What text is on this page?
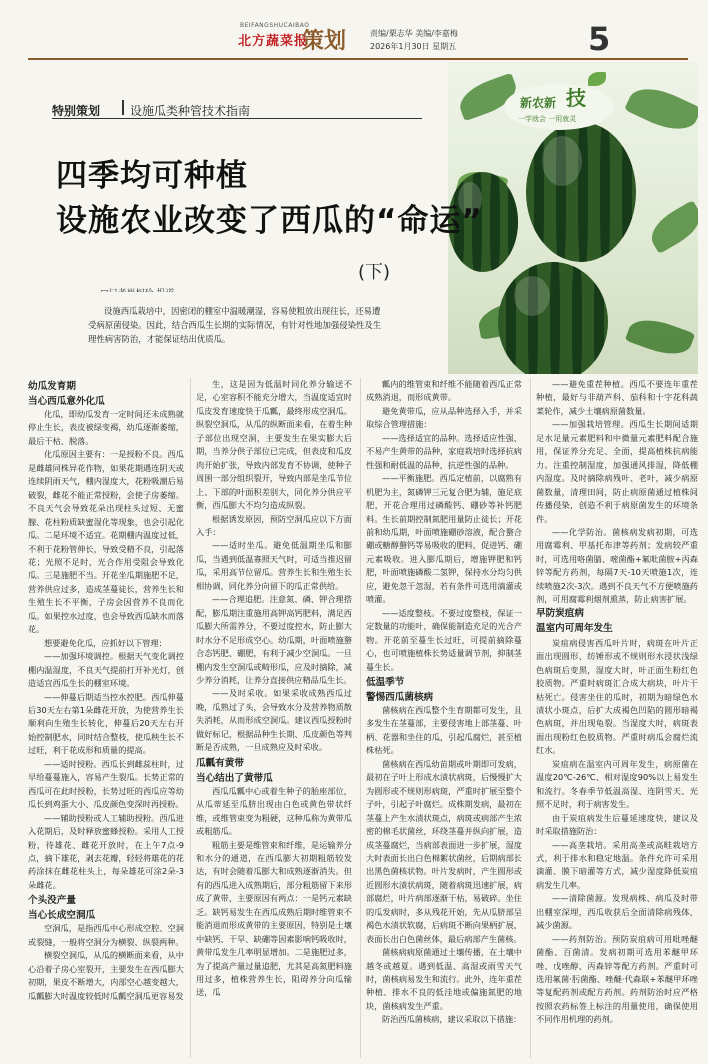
BEIFANGSHUCAIBAO
北方蔬菜报
策划	责编/栗志华 美编/李嘉梅
2026年1月30日 星期五	5
新农新 技
一学就会 一用就灵
特别策划 设施瓜类种管技术指南
四季均可种植
设施农业改变了西瓜的“命运”
(下)

设施西瓜栽培中，因密闭的棚室中温暖潮湿，容易使粗放出现往长，还易遭受病原菌侵染。因此，结合西瓜生长期的实际情况，有针对性地加强侵染性及生理性病害防治，才能保证结出优质瓜。

幼瓜发育期
当心西瓜意外化瓜
化瓜，即幼瓜发育一定时间还未成熟就停止生长，表皮被绿变褐，幼瓜逐渐萎缩，最后干枯、脱落。
化瓜原因主要有：一是授粉不良。西瓜是雌雄同株异花作物，如果花期遇连阴天或连续阴雨天气，棚内湿度大，花粉吸潮后易破裂，雌花不能正常授粉，会使子房萎缩。不良天气会导致花朵出现柱头过短、无蜜腺、花柱粉质缺蜜湿化等现象，也会引起化瓜。二是环境不适宜。花期棚内温度过低，不利于花粉管伸长，导致受精不良，引起落花；光照不足时，光合作用受阻会导致化瓜。三是施肥不当。开花坐瓜期施肥不足，营养供应过多，造成茎蔓徒长，营养生长和生殖生长不平衡，子房会因营养不良而化瓜。如果控水过度，也会导致西瓜缺水而落花。
想要避免化瓜，应抓好以下管理：
——加强环境调控。根据天气变化调控棚内温湿度，不良天气提前打开补光灯，创造适宜西瓜生长的棚室环境。
——伸蔓后期适当控水控肥。西瓜伸蔓后30天左右第1朵雌花开放，为使营养生长顺利向生殖生长转化，伸蔓后20天左右开始控制肥水，同时结合整枝，使瓜秧生长不过旺，利于花成形和质量的提高。
——适时授粉。西瓜长到雌蕊柱时，过早给蔓蔓施入，容易产生裂瓜。长势正常的西瓜可在此时授粉，长势过旺的西瓜应等幼瓜长到鸡蛋大小、瓜皮颜色变深时再授粉。
——辅助授粉或人工辅助授粉。西瓜进入花期后，及时释放蜜蜂授粉。采用人工授粉，待雄花、雌花开放时，在上午7点-9点，摘下雄花，剥去花瓣，轻轻将雄花的花药涂抹在雌花柱头上，每朵雄花可涂2朵-3朵雌花。
个头没产量
当心长成空洞瓜
空洞瓜，是指西瓜中心形成空腔、空洞或裂缝，一般将空洞分为横裂、纵裂两种。
横裂空洞瓜，从瓜的横断面来看，从中心沿着子房心室裂开，主要发生在西瓜膨大初期，果皮不断增大，内部空心越变越大，瓜瓤膨大时温度较低时瓜瓤空洞瓜更容易发
生，这是因为低温时同化养分输送不足，心室容积不能充分增大，当温度适宜时瓜皮发育速度快于瓜瓤，最终形成空洞瓜。纵裂空洞瓜，从瓜的纵断面来看，在着生种子部位出现空洞，主要发生在果实膨大后期，当养分供子部位已完成，但表皮和瓜皮肉开始扩张，导致内部发育不协调，使种子周围一部分组织裂开，导致内部是坐瓜节位上、下部的叶面积差别大，同化养分供应平衡，西瓜膨大不均匀造成纵裂。
根据诱发原因，预防空洞瓜应以下方面入手：
——适时坐瓜。避免低温期坐瓜和膨瓜，当遇到低温寡照天气时，可适当推迟留瓜，采用高节位留瓜。营养生长和生殖生长相协调，同化养分向留下的瓜正常供给。
——合理追肥。注意氮、磷、钾合理搭配，膨瓜期注重施用高钾高钙肥料，满足西瓜膨大所需养分，不要过度控水，防止膨大时水分不足形成空心。幼瓜期，叶面喷施螯合态钙肥、硼肥，有利于减少空洞瓜。一旦棚内发生空洞瓜或畸形瓜，应及时摘除，减少养分消耗，让养分直接供应精品瓜生长。
——及时采收。如果采收成熟西瓜过晚，瓜熟过了头，会导致水分及营养物质散失消耗，从而形成空洞瓜。建议西瓜授粉时做好标记，根据品种生长期、瓜皮颜色等判断是否成熟，一旦成熟应及时采收。
瓜瓤有黄带
当心结出了黄带瓜
西瓜瓜瓤中心或着生种子的胎座部位，从瓜蒂延至瓜脐出现由白色或黄色带状纤维，或维管束变为粗硬，这种瓜称为黄带瓜或粗筋瓜。
粗筋主要是维管束和纤维，是运输养分和水分的通道，在西瓜膨大初期粗筋较发达，有时会随着瓜膨大和成熟逐渐消失。但有的西瓜进入成熟期后，部分粗筋留下来形成了黄带，主要原因有两点：一是钙元素缺乏。缺钙易发生在西瓜成熟后期时维管束不能消退而形成黄带的主要原因，特别是土壤中缺钙、干旱、缺硼等因素影响钙吸收时，黄带瓜发生几率明显增加。二是施肥过多，为了提高产量过量追肥，尤其是高氮肥料施用过多，植株营养生长，阻碍养分向瓜输送，瓜
瓤内的维管束和纤维不能随着西瓜正常成熟消退，而形成黄带。
避免黄带瓜，应从品种选择入手，并采取综合管理措施：
——选择适宜的品种。选择适应性强、不易产生黄带的品种，家庭栽培时选择抗病性强和耐低温的品种，抗逆性强的品种。
——平衡施肥。西瓜定植前，以腐熟有机肥为主，氮磷钾三元复合肥为辅，施足底肥，开花合理用过磷酸钙、硼砂等补钙肥料。生长前期控制氮肥用量防止徒长；开花前和幼瓜期，叶面喷施硼砂溶液，配合螯合硼或糖醇螯钙等易吸收的肥料，促进钙、硼元素吸收。进入膨瓜期后，增施钾肥和钙肥，叶面喷施磷酸二氢钾，保持水分均匀供应，避免忽干忽湿，若有条件可选用滴灌或喷灌。
——适度整枝。不要过度整枝，保证一定数量的功能叶，确保能制造充足的光合产物。开花前至蔓生长过旺，可提前摘除蔓心，也可喷施植株长势适量调节剂，抑制茎蔓生长。
低温季节
警惕西瓜菌核病
菌核病在西瓜整个生育期都可发生，且多发生在茎蔓部，主要侵害地上部茎蔓、叶柄、花器和坐住的瓜，引起瓜腐烂，甚至植株枯死。
菌核病在西瓜幼苗期或叶期即可发病，最初在子叶上形成水渍状病斑，后慢慢扩大为圆形或不规则形病斑，严重时扩展至整个子叶，引起子叶腐烂。成株期发病，最初在茎蔓上产生水渍状斑点，病斑或病部产生浓密的棉毛状菌丝，环绕茎蔓并纵向扩展，造成茎蔓腐烂，当病部表面进一步扩展，湿度大时表面长出白色棉絮状菌丝，后期病部长出黑色菌核状物。叶片发病时，产生圆形或近圆形水渍状病斑，随着病斑迅速扩展，病部腐烂，叶片病部逐渐干枯，易破碎。坐住的瓜发病时，多从残花开始，先从瓜脐部呈褐色水渍状软腐，后病斑不断向果柄扩展，表面长出白色菌丝体，最后病部产生菌核。
菌核病病原菌通过土壤传播，在土壤中越冬或越夏。遇到低温、高湿或雨雪天气时，菌核病易发生和流行。此外，连年重茬种植、排水不良的低洼地或偏施氮肥的地块，菌核病发生严重。
防治西瓜菌核病，建议采取以下措施：
——避免重茬种植。西瓜不要连年重茬种植，最好与非葫芦科、茄科和十字花科蔬菜轮作，减少土壤病原菌数量。
——加强栽培管理。西瓜生长期间适期足水足量元素肥料和中微量元素肥料配合施用，保证养分充足、全面，提高植株抗病能力。注重控制湿度，加强通风排湿，降低棚内湿度。及时摘除病残叶、老叶，减少病原菌数量，清理田间，防止病原菌通过植株间传播侵染，创造不利于病原菌发生的环境条件。
——化学防治。菌核病发病初期，可选用腐霉利、甲基托布津等药剂；发病较严重时，可选用咯菌腈、嘧菌酯+氟吡菌胺+丙森锌等配方药剂，每隔7天-10天喷施1次，连续喷施2次-3次。遇到不良天气不方便喷施药剂，可用腐霉利烟剂熏蒸，防止病害扩展。
早防炭疽病
温室内可周年发生
炭疽病侵害西瓜叶片时，病斑在叶片正面出现圆形、纺锤形或不规则形水浸状浅绿色病斑后变黑，湿度大时，叶正面生粉红色胶质物。严重时病斑汇合成大病块，叶片干枯死亡。侵害坐住的瓜时，初期为暗绿色水渍状小斑点，后扩大成褐色凹陷的圆形暗褐色病斑，并出现龟裂。当湿度大时，病斑表面出现粉红色胶质物。严重时病瓜会腐烂流红水。
炭疽病在温室内可周年发生，病原菌在温度20℃-26℃、相对湿度90%以上易发生和流行。冬春季节低温高湿、连阴雪天、光照不足时，利于病害发生。
由于炭疽病发生后蔓延速度快，建议及时采取措施防治：
——高垄栽培。采用高垄或高畦栽培方式，利于排水和稳定地温。条件允许可采用滴灌、膜下暗灌等方式，减少湿度降低炭疽病发生几率。
——清除菌源。发现病株、病瓜及时带出棚室深埋，西瓜收获后全面清除病残体，减少菌源。
——药剂防治。预防炭疽病可用吡唑醚菌酯、百菌清。发病初期可选用苯醚甲环唑、戊唑醇、丙森锌等配方药剂。严重时可选用氟菌·肟菌酯、唑醚·代森联+苯醚甲环唑等复配药剂或配方药剂。药剂防治时应严格按照农药标签上标注的用量使用，确保使用不同作用机理的药剂。
